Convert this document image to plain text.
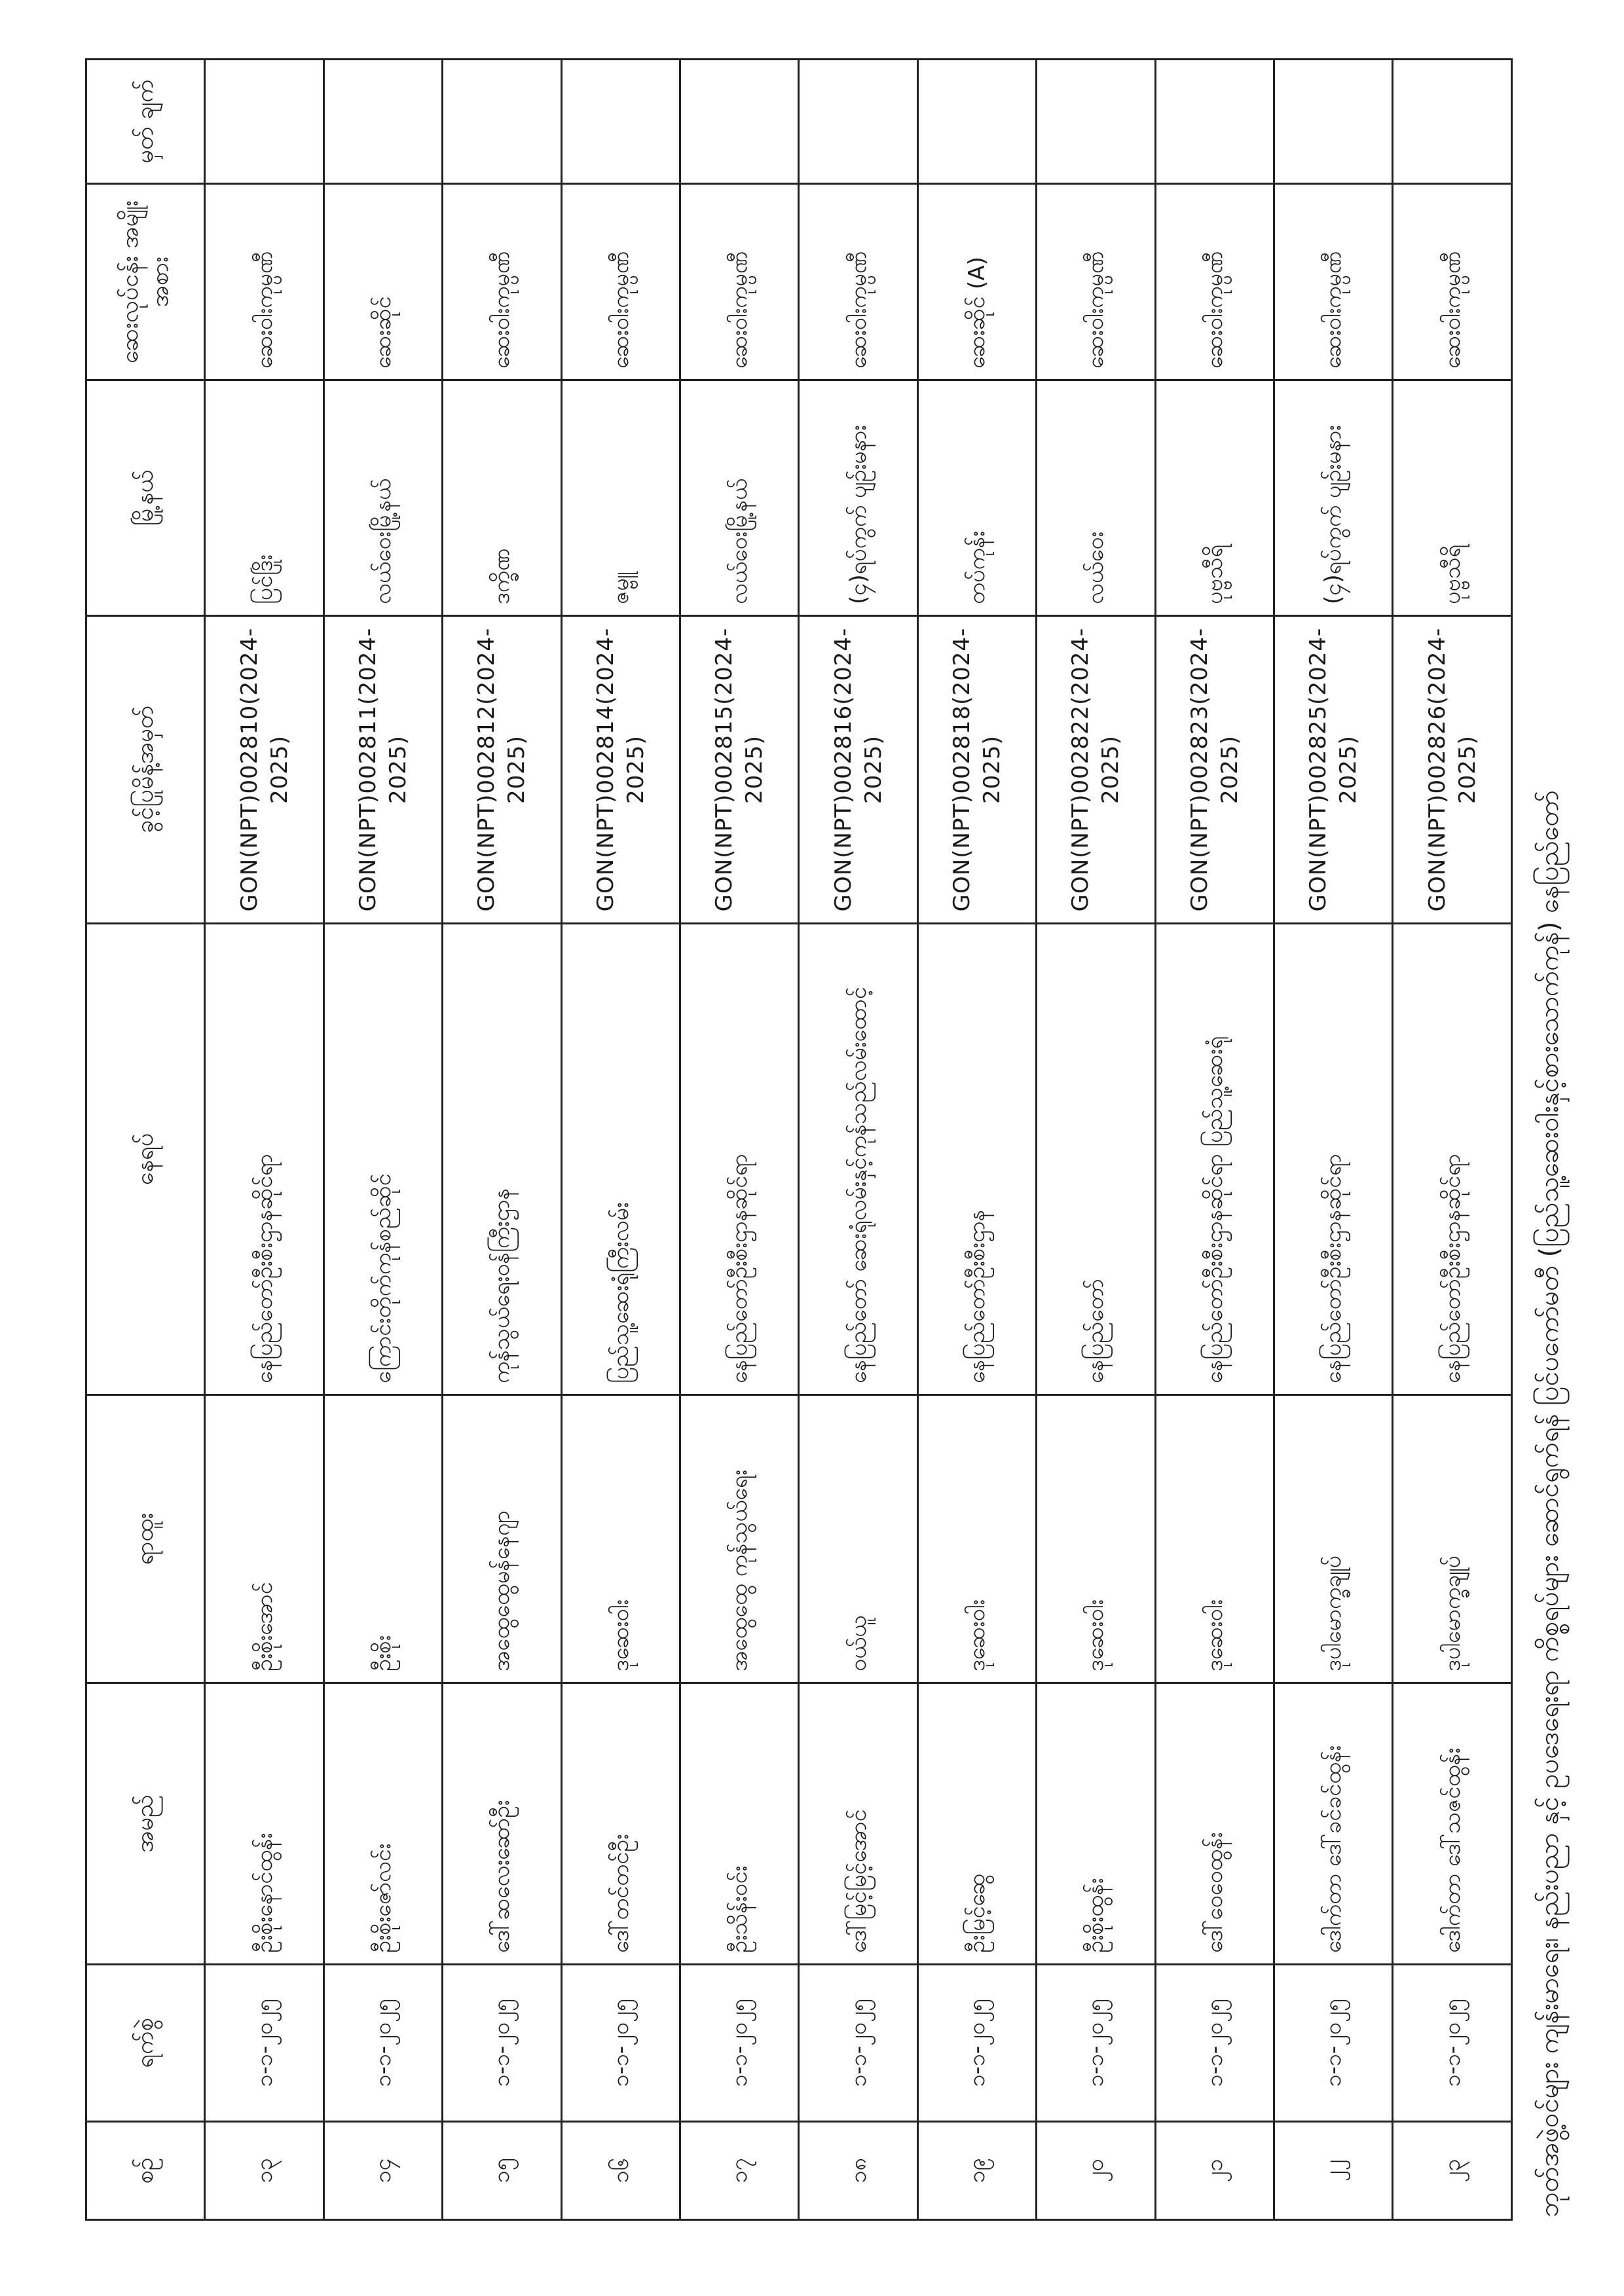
ဘုတ်အဖွဲ့ဝင်များ ကျန်းမာရေး၊ နည်းပညာ နှင့် ဥပဒေရေးရာ ကိစ္စရပ်များ ဆောင်ရွက်ရန် ပြင်ပကော်မတီ (ပြည်သူ့ဆေးဝါးနှင့်စားသောက်ကုန်) နေပြည်တော်
စဉ်	ရက်စွဲ	အမည်	ရာထူး	နေရပ်	ခွင့်ပြုမိန့်အမှတ်	မြို့နယ်	ဆေးလုပ်ငန်း အမျိုးအစား	မှတ် ချက်
၁၃	၁-၁-၂၀၂၅	ဦးစိုးနောင်ထွန်း	ဦးစိုးအောင်	နေပြည်တော်ဦးစီးဌာနဆိုင်ရာ	GON(NPT)002810(2024-2025)	ပြင်ဒြိုး	ဆေးဝါးကုမ္ပဏီ	
၁၄	၁-၁-၂၀၂၅	ဦးစိုးဇော်လင်း	ဦးစိုး	ကြောင်းတိုက်ကုန်စည်ဆိုင်	GON(NPT)002811(2024-2025)	လယ်ဝေးမြို့နယ်	ဆေးဆိုင်	
၁၅	၁-၁-၂၀၂၅	ဒေါ်ဆလေးဆော်ဦး	အထွေထွေမန်နေဂျာ	ကုန်သွယ်ရေးဝန်ကြီးဌာန	GON(NPT)002812(2024-2025)	ဒက္ခိဏ	ဆေးဝါးကုမ္ပဏီ	
၁၆	၁-၁-၂၀၂၅	ဒေါ်တင်တင်ဦး	ဒုဆေးဝါး	ပြည်သူ့ဆေးရုံကြီးလမ်း	GON(NPT)002814(2024-2025)	ဇမ္ဗူ	ဆေးဝါးကုမ္ပဏီ	
၁၇	၁-၁-၂၀၂၅	ဦးသိန်းဝင်း	အထွေထွေ ကုန်သွယ်ရေး	နေပြည်တော်ဦးစီးဌာနဆိုင်ရာ	GON(NPT)002815(2024-2025)	လယ်ဝေးမြို့နယ်	ဆေးဝါးကုမ္ပဏီ	
၁၈	၁-၁-၂၀၂၅	ဒေါ်မြင့်မြင့်အောင်	ဝယ်ယူ	နေပြည်တော် ဆေးရုံလမ်းနှင့်ကုန်သည်လမ်းထောင့်	GON(NPT)002816(2024-2025)	(၄)ရပ်ကွက် ပျဉ်းမနား	ဆေးဝါးကုမ္ပဏီ	
၁၉	၁-၁-၂၀၂၅	ဦးမြင့်ဆွေ	ဒုဆေးဝါး	နေပြည်တော်ဦးစီးဌာန	GON(NPT)002818(2024-2025)	တပ်ကုန်း	ဆေးဆိုင် (A)	
၂၀	၁-၁-၂၀၂၅	ဦးစိုးထွန်း	ဒုဆေးဝါး	နေပြည်တော်	GON(NPT)002822(2024-2025)	လယ်ဝေး	ဆေးဝါးကုမ္ပဏီ	
၂၁	၁-၁-၂၀၂၅	ဒေါ်ဝေဝေထွန်း	ဒုဆေးဝါး	နေပြည်တော်ဦးစီးဌာနဆိုင်ရာ ပြည်သူ့ဆေးရုံ	GON(NPT)002823(2024-2025)	ပုဗ္ဗသီရိ	ဆေးဝါးကုမ္ပဏီ	
၂၂	၁-၁-၂၀၂၅	ဒေါက်တာ ဒေါ်ခင်ခင်ထွန်း	ဒုပါမောက္ခချုပ်	နေပြည်တော်ဦးစီးဌာနဆိုင်ရာ	GON(NPT)002825(2024-2025)	(၄)ရပ်ကွက် ပျဉ်းမနား	ဆေးဝါးကုမ္ပဏီ	
၂၃	၁-၁-၂၀၂၅	ဒေါက်တာ ဒေါ်သဇင်ထွန်း	ဒုပါမောက္ခချုပ်	နေပြည်တော်ဦးစီးဌာနဆိုင်ရာ	GON(NPT)002826(2024-2025)	ပုဗ္ဗသီရိ	ဆေးဝါးကုမ္ပဏီ	
